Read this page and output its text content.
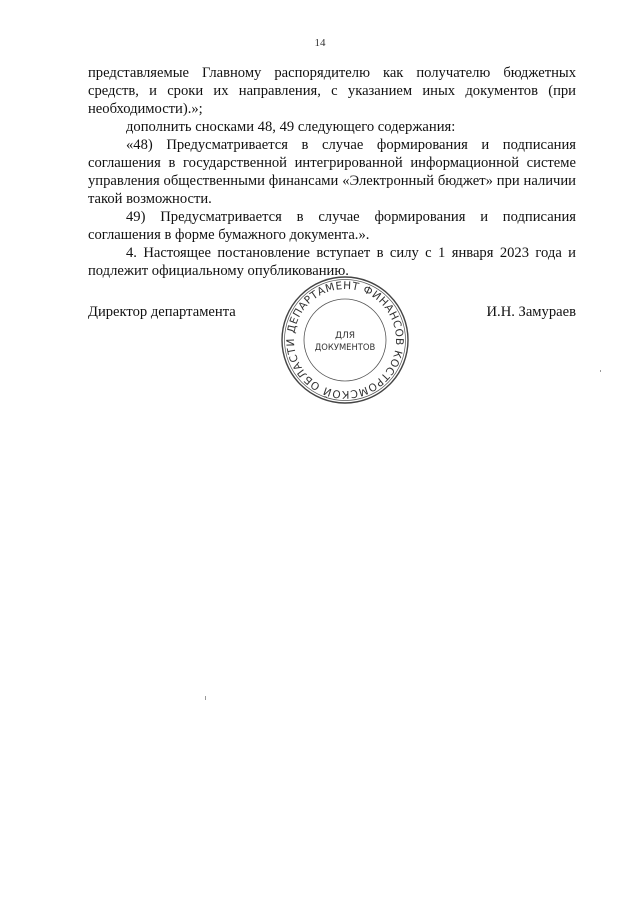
14

представляемые Главному распорядителю как получателю бюджетных средств, и сроки их направления, с указанием иных документов (при необходимости).»;

дополнить сносками 48, 49 следующего содержания:

«48) Предусматривается в случае формирования и подписания соглашения в государственной интегрированной информационной системе управления общественными финансами «Электронный бюджет» при наличии такой возможности.

49) Предусматривается в случае формирования и подписания соглашения в форме бумажного документа.».

4. Настоящее постановление вступает в силу с 1 января 2023 года и подлежит официальному опубликованию.

Директор департамента
ДЕПАРТАМЕНТ ФИНАНСОВ КОСТРОМСКОЙ ОБЛАСТИ
ДЛЯ
ДОКУМЕНТОВ
И.Н. Замураев
